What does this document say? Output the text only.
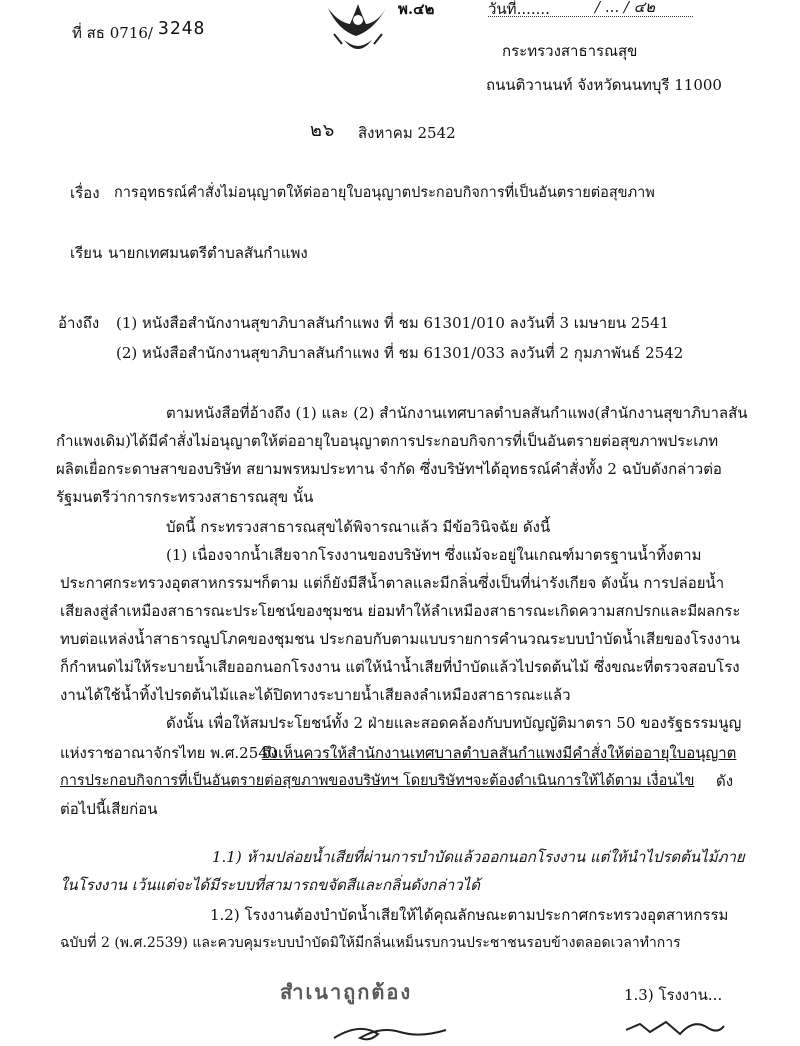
พ.๔๒	วันที่.......	/ ... / ๔๒
ที่ สธ 0716/ 3248
กระทรวงสาธารณสุข
ถนนติวานนท์ จังหวัดนนทบุรี 11000
๒๖ สิงหาคม 2542
เรื่อง การอุทธรณ์คำสั่งไม่อนุญาตให้ต่ออายุใบอนุญาตประกอบกิจการที่เป็นอันตรายต่อสุขภาพ
เรียน นายกเทศมนตรีตำบลสันกำแพง
อ้างถึง (1) หนังสือสำนักงานสุขาภิบาลสันกำแพง ที่ ชม 61301/010 ลงวันที่ 3 เมษายน 2541
(2) หนังสือสำนักงานสุขาภิบาลสันกำแพง ที่ ชม 61301/033 ลงวันที่ 2 กุมภาพันธ์ 2542
ตามหนังสือที่อ้างถึง (1) และ (2) สำนักงานเทศบาลตำบลสันกำแพง(สำนักงานสุขาภิบาลสัน
กำแพงเดิม)ได้มีคำสั่งไม่อนุญาตให้ต่ออายุใบอนุญาตการประกอบกิจการที่เป็นอันตรายต่อสุขภาพประเภท
ผลิตเยื่อกระดาษสาของบริษัท สยามพรหมประทาน จำกัด ซึ่งบริษัทฯได้อุทธรณ์คำสั่งทั้ง 2 ฉบับดังกล่าวต่อ
รัฐมนตรีว่าการกระทรวงสาธารณสุข นั้น
บัดนี้ กระทรวงสาธารณสุขได้พิจารณาแล้ว มีข้อวินิจฉัย ดังนี้
(1) เนื่องจากน้ำเสียจากโรงงานของบริษัทฯ ซึ่งแม้จะอยู่ในเกณฑ์มาตรฐานน้ำทิ้งตาม
ประกาศกระทรวงอุตสาหกรรมฯก็ตาม แต่ก็ยังมีสีน้ำตาลและมีกลิ่นซึ่งเป็นที่น่ารังเกียจ ดังนั้น การปล่อยน้ำ
เสียลงสู่ลำเหมืองสาธารณะประโยชน์ของชุมชน ย่อมทำให้ลำเหมืองสาธารณะเกิดความสกปรกและมีผลกระ
ทบต่อแหล่งน้ำสาธารณูปโภคของชุมชน ประกอบกับตามแบบรายการคำนวณระบบบำบัดน้ำเสียของโรงงาน
ก็กำหนดไม่ให้ระบายน้ำเสียออกนอกโรงงาน แต่ให้นำน้ำเสียที่บำบัดแล้วไปรดต้นไม้ ซึ่งขณะที่ตรวจสอบโรง
งานได้ใช้น้ำทิ้งไปรดต้นไม้และได้ปิดทางระบายน้ำเสียลงลำเหมืองสาธารณะแล้ว
ดังนั้น เพื่อให้สมประโยชน์ทั้ง 2 ฝ่ายและสอดคล้องกับบทบัญญัติมาตรา 50 ของรัฐธรรมนูญ
แห่งราชอาณาจักรไทย พ.ศ.2540
จึงเห็นควรให้สำนักงานเทศบาลตำบลสันกำแพงมีคำสั่งให้ต่ออายุใบอนุญาต
การประกอบกิจการที่เป็นอันตรายต่อสุขภาพของบริษัทฯ โดยบริษัทฯจะต้องดำเนินการให้ได้ตาม เงื่อนไข ดัง
ต่อไปนี้เสียก่อน
1.1) ห้ามปล่อยน้ำเสียที่ผ่านการบำบัดแล้วออกนอกโรงงาน แต่ให้นำไปรดต้นไม้ภาย
ในโรงงาน เว้นแต่จะได้มีระบบที่สามารถขจัดสีและกลิ่นดังกล่าวได้
1.2) โรงงานต้องบำบัดน้ำเสียให้ได้คุณลักษณะตามประกาศกระทรวงอุตสาหกรรม
ฉบับที่ 2 (พ.ศ.2539) และควบคุมระบบบำบัดมิให้มีกลิ่นเหม็นรบกวนประชาชนรอบข้างตลอดเวลาทำการ
สำเนาถูกต้อง	1.3) โรงงาน...
